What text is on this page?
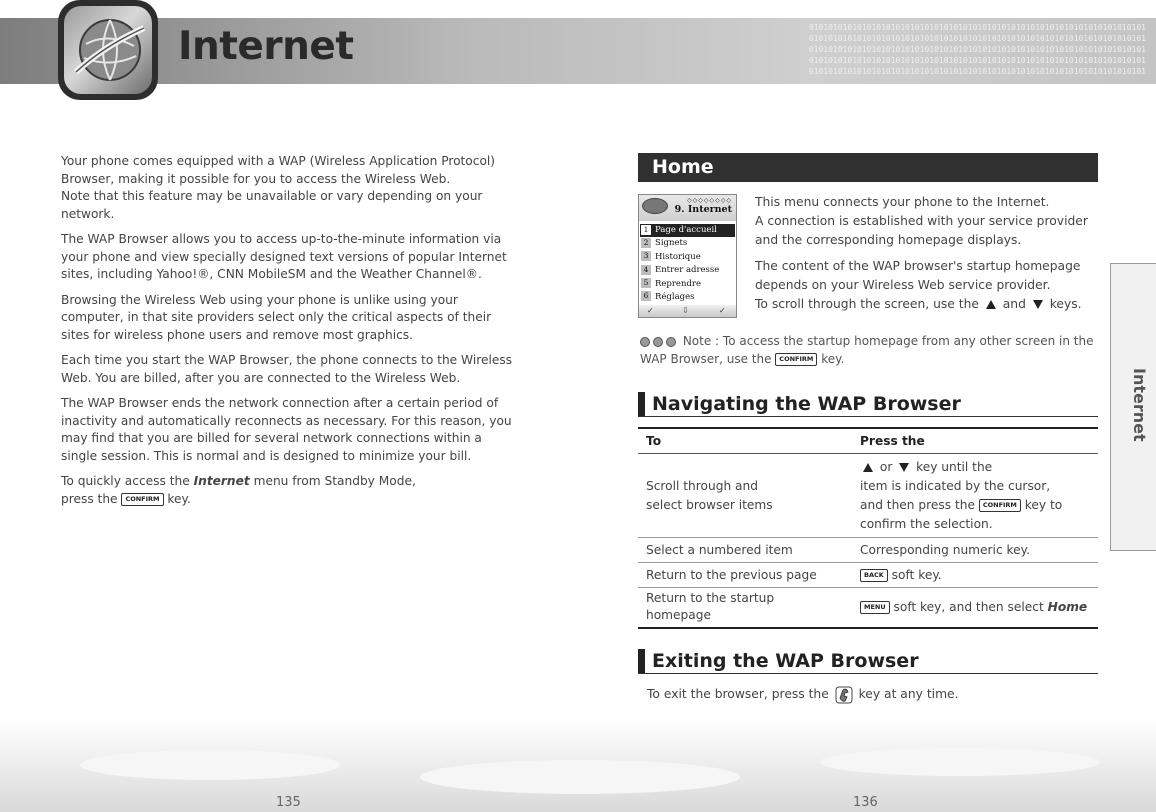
0101010101010101010101010101010101010101010101010101010101010101010101
0101010101010101010101010101010101010101010101010101010101010101010101
0101010101010101010101010101010101010101010101010101010101010101010101
0101010101010101010101010101010101010101010101010101010101010101010101
0101010101010101010101010101010101010101010101010101010101010101010101
Internet
Internet

Your phone comes equipped with a WAP (Wireless Application Protocol) Browser, making it possible for you to access the Wireless Web.
Note that this feature may be unavailable or vary depending on your network.

The WAP Browser allows you to access up-to-the-minute information via your phone and view specially designed text versions of popular Internet sites, including Yahoo!®, CNN MobileSM and the Weather Channel®.

Browsing the Wireless Web using your phone is unlike using your computer, in that site providers select only the critical aspects of their sites for wireless phone users and remove most graphics.

Each time you start the WAP Browser, the phone connects to the Wireless Web. You are billed, after you are connected to the Wireless Web.

The WAP Browser ends the network connection after a certain period of inactivity and automatically reconnects as necessary. For this reason, you may find that you are billed for several network connections within a single session. This is normal and is designed to minimize your bill.

To quickly access the Internet menu from Standby Mode,
press the CONFIRM key.

Home
◇◇◇◇◇◇◇◇
9. Internet
1 Page d'accueil
2 Signets
3 Historique
4 Entrer adresse
5 Reprendre
6 Réglages
✓	⇩	✓

This menu connects your phone to the Internet.
A connection is established with your service provider and the corresponding homepage displays.

The content of the WAP browser's startup homepage depends on your Wireless Web service provider.
To scroll through the screen, use the  and  keys.

Note : To access the startup homepage from any other screen in the WAP Browser, use the CONFIRM key.
Navigating the WAP Browser
To	Press the
Scroll through and
select browser items	or  key until the
item is indicated by the cursor,
and then press the CONFIRM key to
confirm the selection.
Select a numbered item	Corresponding numeric key.
Return to the previous page	BACK soft key.
Return to the startup
homepage	MENU soft key, and then select Home
Exiting the WAP Browser
To exit the browser, press the  key at any time.
135	136
